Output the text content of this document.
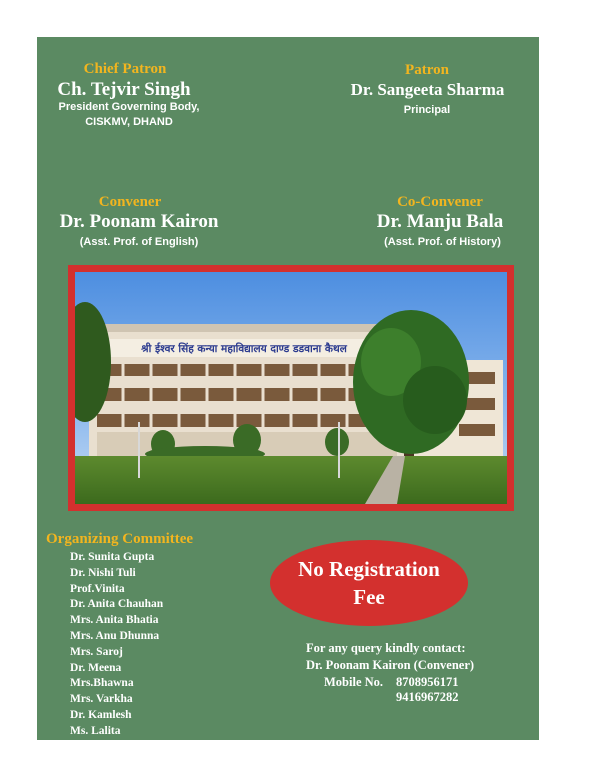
Chief Patron
Ch. Tejvir Singh
President Governing Body,
CISKMV, DHAND
Patron
Dr. Sangeeta Sharma
Principal
Convener
Dr. Poonam Kairon
(Asst. Prof. of English)
Co-Convener
Dr. Manju Bala
(Asst. Prof. of History)
श्री ईश्वर सिंह कन्या महाविद्यालय दाण्ड डडवाना कैथल
Organizing Committee
Dr. Sunita Gupta
Dr. Nishi Tuli
Prof.Vinita
Dr. Anita Chauhan
Mrs. Anita Bhatia
Mrs. Anu Dhunna
Mrs. Saroj
Dr. Meena
Mrs.Bhawna
Mrs. Varkha
Dr. Kamlesh
Ms. Lalita
No Registration
Fee
For any query kindly contact:
Dr. Poonam Kairon (Convener)
Mobile No. 8708956171
9416967282
